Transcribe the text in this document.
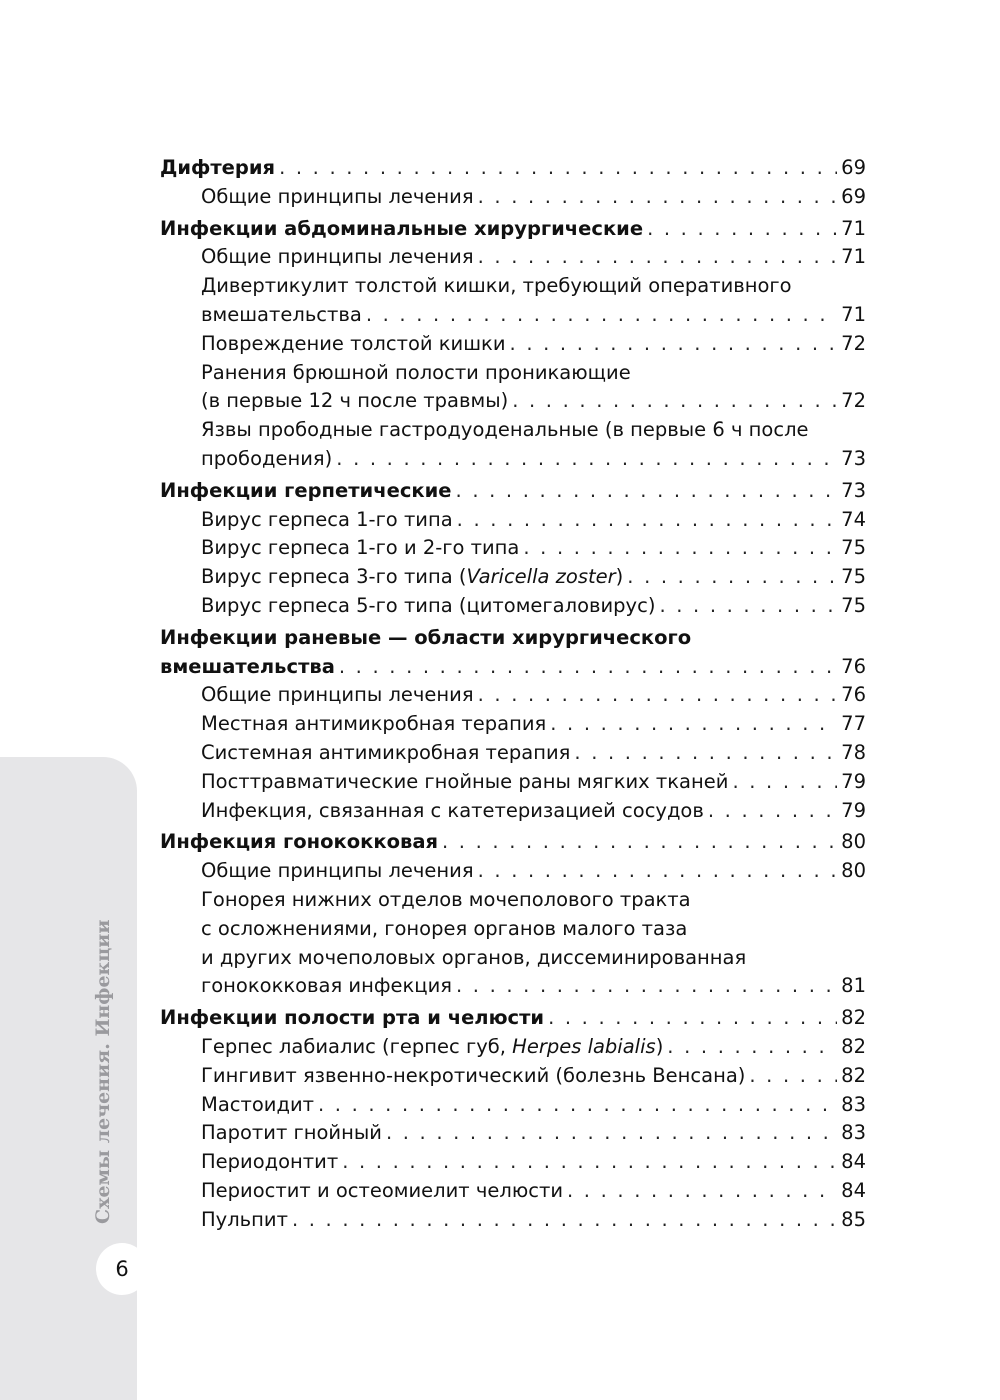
Схемы лечения. Инфекции
6
Дифтерия . . .	69
Общие принципы лечения . . .	69
Инфекции абдоминальные хирургические . . .	71
Общие принципы лечения . . .	71
Дивертикулит толстой кишки, требующий оперативного
вмешательства . . .	71
Повреждение толстой кишки . . .	72
Ранения брюшной полости проникающие
(в первые 12 ч после травмы) . . .	72
Язвы прободные гастродуоденальные (в первые 6 ч после
прободения) . . .	73
Инфекции герпетические . . .	73
Вирус герпеса 1-го типа . . .	74
Вирус герпеса 1-го и 2-го типа . . .	75
Вирус герпеса 3-го типа (Varicella zoster) . . .	75
Вирус герпеса 5-го типа (цитомегаловирус) . . .	75
Инфекции раневые — области хирургического
вмешательства . . .	76
Общие принципы лечения . . .	76
Местная антимикробная терапия . . .	77
Системная антимикробная терапия . . .	78
Посттравматические гнойные раны мягких тканей . . .	79
Инфекция, связанная с катетеризацией сосудов . . .	79
Инфекция гонококковая . . .	80
Общие принципы лечения . . .	80
Гонорея нижних отделов мочеполового тракта
с осложнениями, гонорея органов малого таза
и других мочеполовых органов, диссеминированная
гонококковая инфекция . . .	81
Инфекции полости рта и челюсти . . .	82
Герпес лабиалис (герпес губ, Herpes labialis) . . .	82
Гингивит язвенно-некротический (болезнь Венсана) . . .	82
Мастоидит . . .	83
Паротит гнойный . . .	83
Периодонтит . . .	84
Периостит и остеомиелит челюсти . . .	84
Пульпит . . .	85
